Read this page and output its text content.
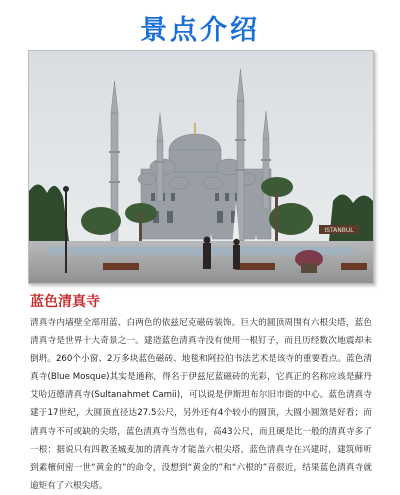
景点介绍
ISTANBUL
蓝色清真寺

清真寺内墙壁全部用蓝、白两色的依兹尼克磁砖装饰。巨大的圆顶周围有六根尖塔，蓝色清真寺是世界十大奇景之一。建造蓝色清真寺没有使用一根钉子，而且历经数次地震却未倒坍。260个小窗、2万多块蓝色磁砖、地毯和阿拉伯书法艺术是该寺的重要看点。蓝色清真寺(Blue Mosque)其实是通称，得名于伊兹尼蓝磁砖的光彩，它真正的名称应该是蘇丹艾哈迈德清真寺(Sultanahmet Camii)，可以说是伊斯坦布尔旧市街的中心。蓝色清真寺建于17世纪，大圆顶直径达27.5公尺，另外还有4个较小的圆顶，大圆小圆煞是好看；而清真寺不可或缺的尖塔，蓝色清真寺当然也有，高43公尺，而且硬是比一般的清真寺多了一根：据说只有四教圣城麦加的清真寺才能盖六根尖塔，蓝色清真寺在兴建时，建筑师听到素檀何密一世“黄金的”的命令，没想到“黄金的”和“六根的”音很近，结果蓝色清真寺就逾矩有了六根尖塔。
